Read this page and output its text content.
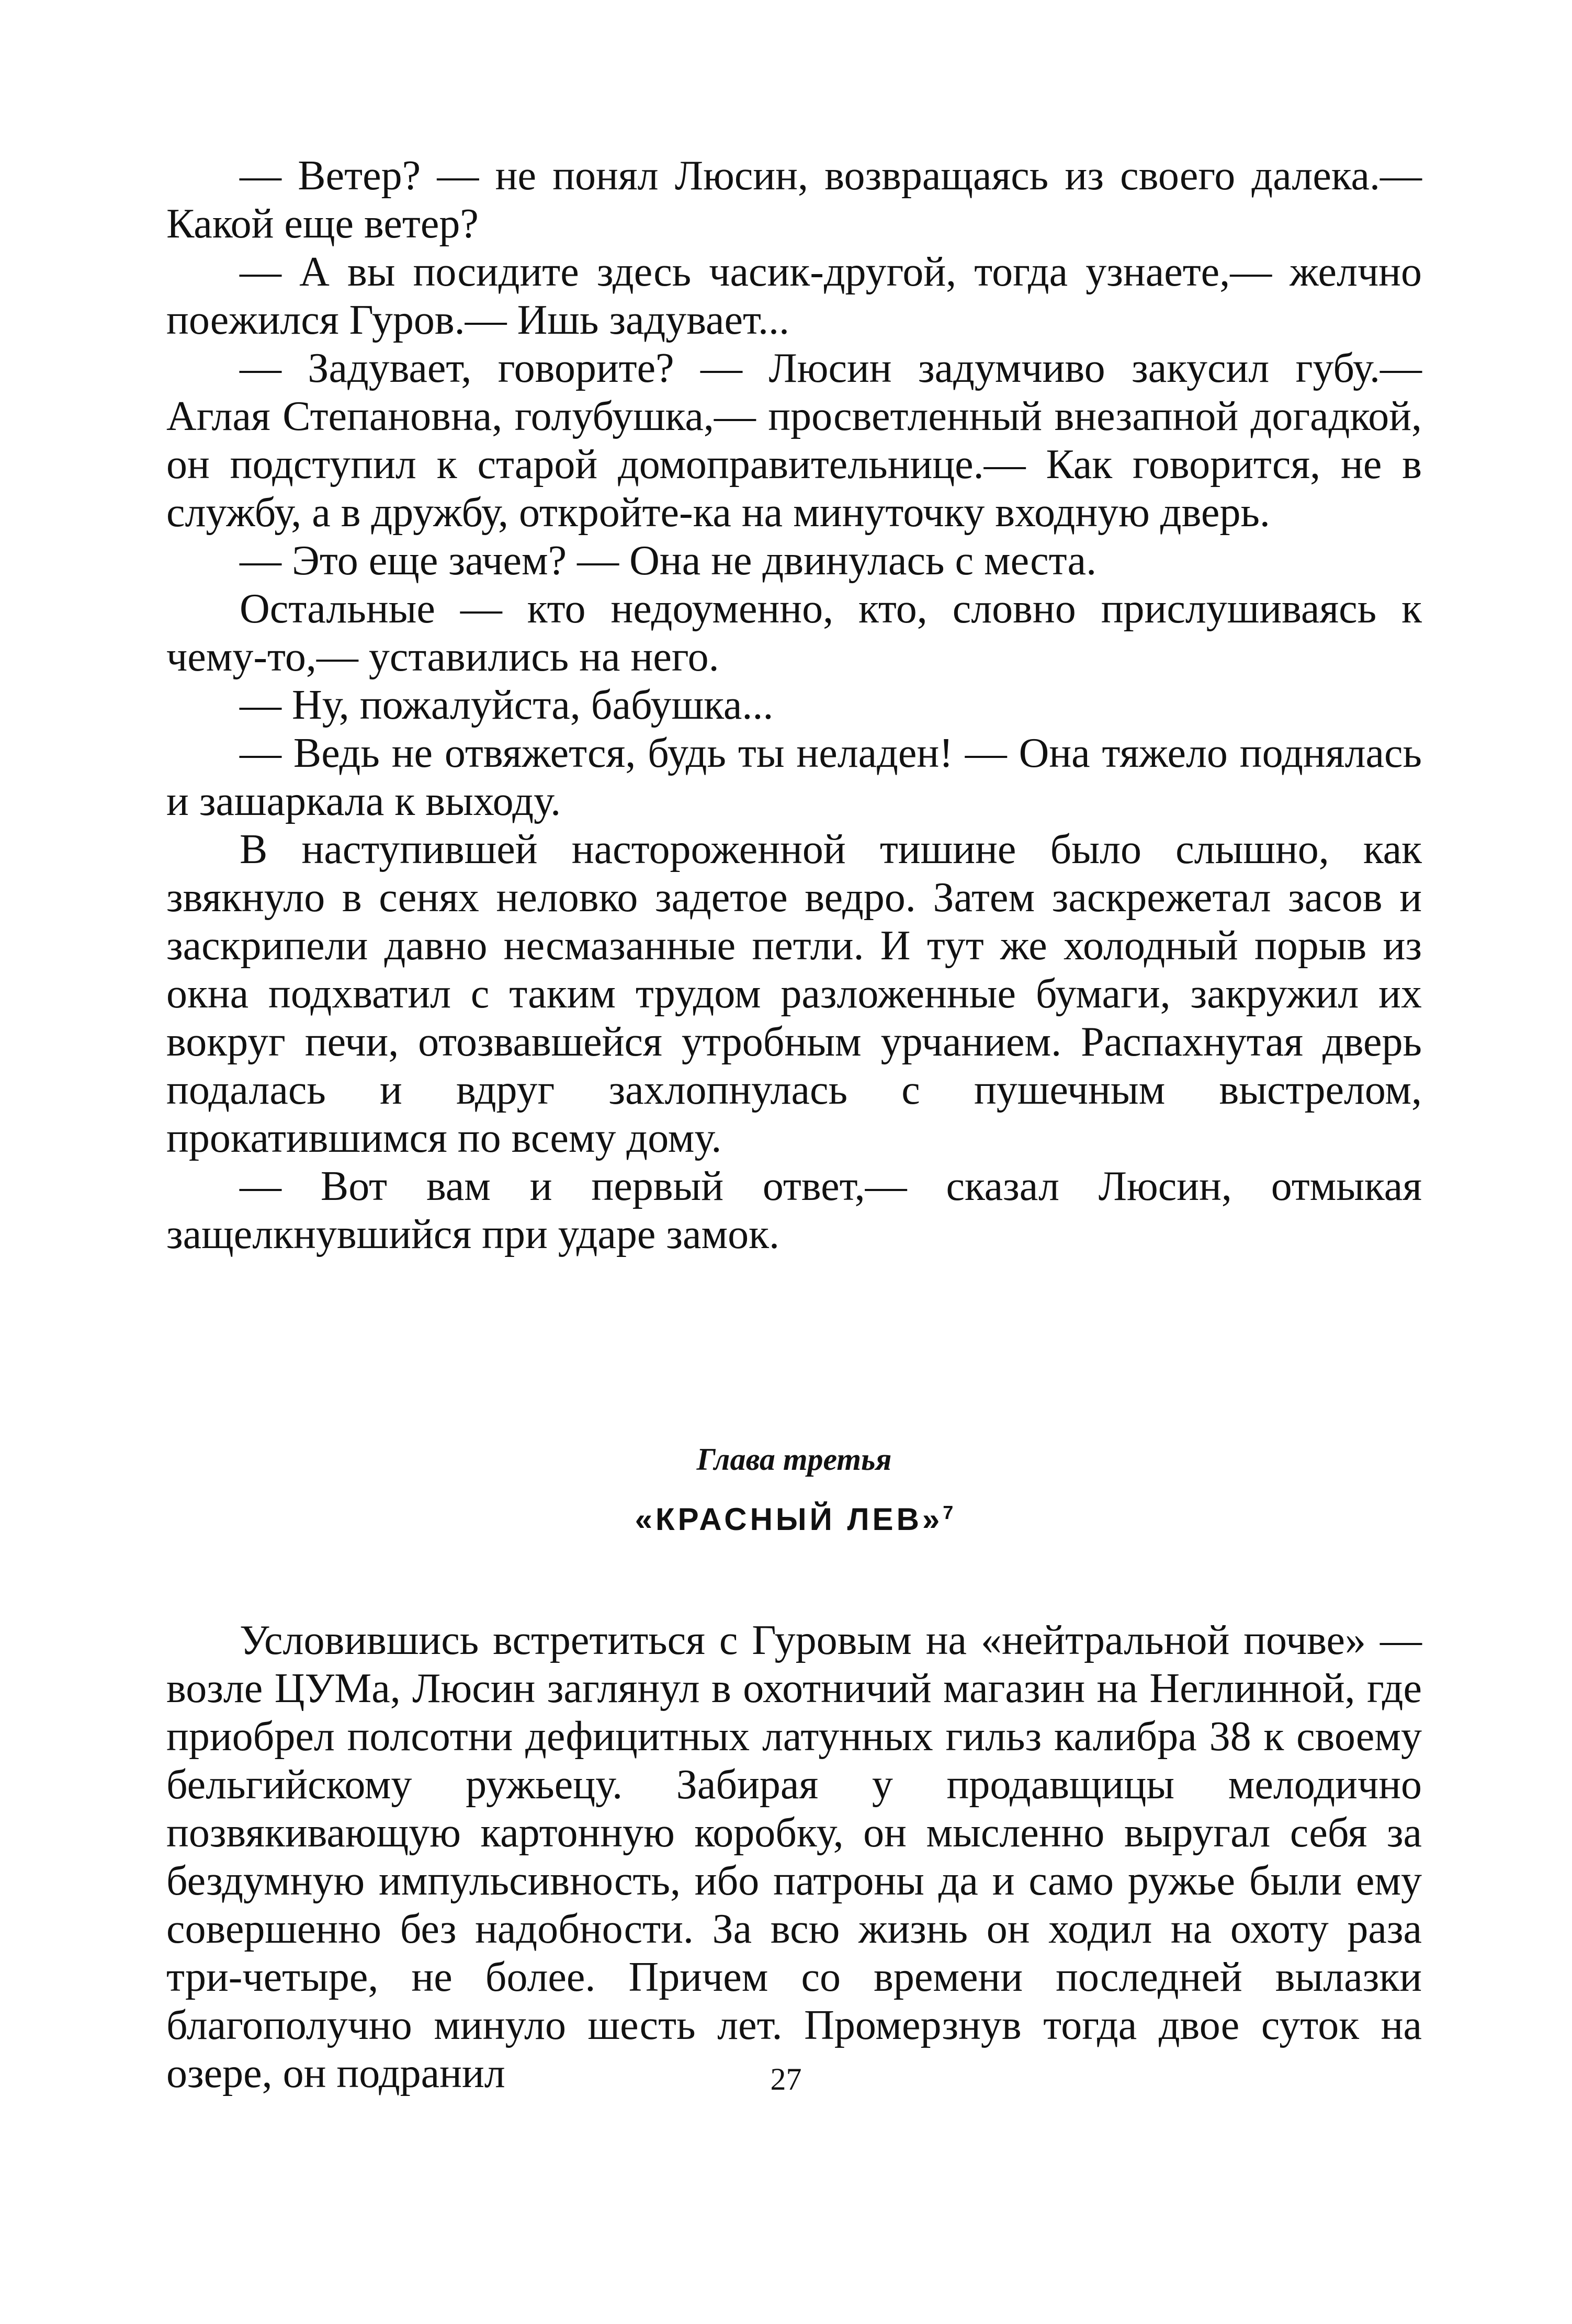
— Ветер? — не понял Люсин, возвращаясь из своего далека.— Какой еще ветер?

— А вы посидите здесь часик-другой, тогда узнаете,— желчно поежился Гуров.— Ишь задувает...

— Задувает, говорите? — Люсин задумчиво закусил губу.— Аглая Степановна, голубушка,— просветленный внезапной догадкой, он подступил к старой домоправительнице.— Как говорится, не в службу, а в дружбу, откройте-ка на минуточку входную дверь.

— Это еще зачем? — Она не двинулась с места.

Остальные — кто недоуменно, кто, словно прислушиваясь к чему-то,— уставились на него.

— Ну, пожалуйста, бабушка...

— Ведь не отвяжется, будь ты неладен! — Она тяжело поднялась и зашаркала к выходу.

В наступившей настороженной тишине было слышно, как звякнуло в сенях неловко задетое ведро. Затем заскрежетал засов и заскрипели давно несмазанные петли. И тут же холодный порыв из окна подхватил с таким трудом разложенные бумаги, закружил их вокруг печи, отозвавшейся утробным урчанием. Распахнутая дверь подалась и вдруг захлопнулась с пушечным выстрелом, прокатившимся по всему дому.

— Вот вам и первый ответ,— сказал Люсин, отмыкая защелкнувшийся при ударе замок.

Глава третья

«КРАСНЫЙ ЛЕВ»$^7$

Условившись встретиться с Гуровым на «нейтральной почве» — возле ЦУМа, Люсин заглянул в охотничий магазин на Неглинной, где приобрел полсотни дефицитных латунных гильз калибра 38 к своему бельгийскому ружьецу. Забирая у продавщицы мелодично позвякивающую картонную коробку, он мысленно выругал себя за бездумную импульсивность, ибо патроны да и само ружье были ему совершенно без надобности. За всю жизнь он ходил на охоту раза три-четыре, не более. Причем со времени последней вылазки благополучно минуло шесть лет. Промерзнув тогда двое суток на озере, он подранил	27
